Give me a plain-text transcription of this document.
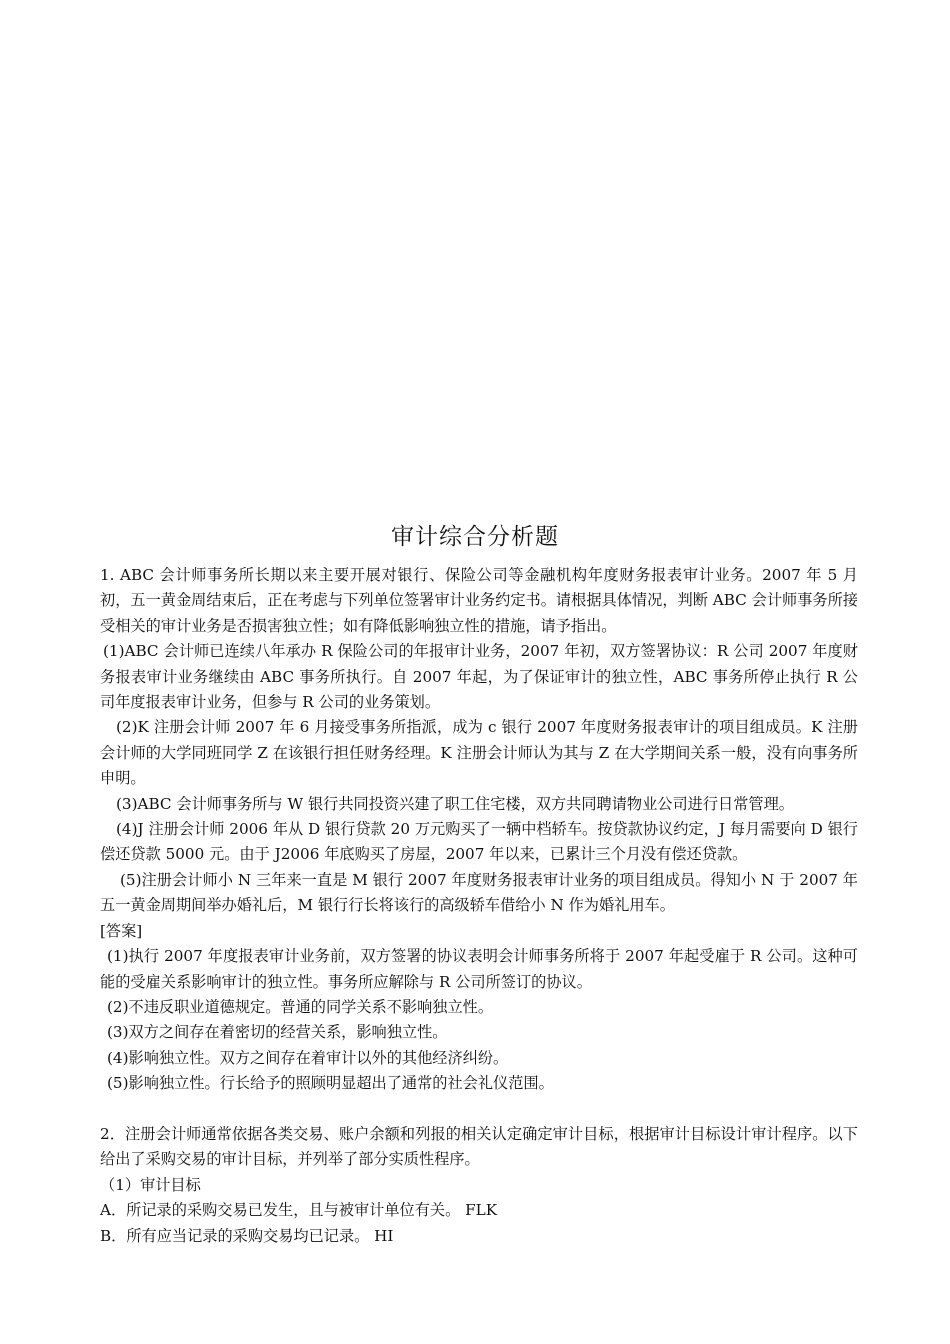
审计综合分析题

1. ABC 会计师事务所长期以来主要开展对银行、保险公司等金融机构年度财务报表审计业务。2007 年 5 月初，五一黄金周结束后，正在考虑与下列单位签署审计业务约定书。请根据具体情况，判断 ABC 会计师事务所接受相关的审计业务是否损害独立性；如有降低影响独立性的措施，请予指出。

(1)ABC 会计师已连续八年承办 R 保险公司的年报审计业务，2007 年初，双方签署协议：R 公司 2007 年度财务报表审计业务继续由 ABC 事务所执行。自 2007 年起，为了保证审计的独立性，ABC 事务所停止执行 R 公司年度报表审计业务，但参与 R 公司的业务策划。

(2)K 注册会计师 2007 年 6 月接受事务所指派，成为 c 银行 2007 年度财务报表审计的项目组成员。K 注册会计师的大学同班同学 Z 在该银行担任财务经理。K 注册会计师认为其与 Z 在大学期间关系一般，没有向事务所申明。

(3)ABC 会计师事务所与 W 银行共同投资兴建了职工住宅楼，双方共同聘请物业公司进行日常管理。

(4)J 注册会计师 2006 年从 D 银行贷款 20 万元购买了一辆中档轿车。按贷款协议约定，J 每月需要向 D 银行偿还贷款 5000 元。由于 J2006 年底购买了房屋，2007 年以来，已累计三个月没有偿还贷款。

(5)注册会计师小 N 三年来一直是 M 银行 2007 年度财务报表审计业务的项目组成员。得知小 N 于 2007 年五一黄金周期间举办婚礼后，M 银行行长将该行的高级轿车借给小 N 作为婚礼用车。

[答案]

(1)执行 2007 年度报表审计业务前，双方签署的协议表明会计师事务所将于 2007 年起受雇于 R 公司。这种可能的受雇关系影响审计的独立性。事务所应解除与 R 公司所签订的协议。

(2)不违反职业道德规定。普通的同学关系不影响独立性。

(3)双方之间存在着密切的经营关系，影响独立性。

(4)影响独立性。双方之间存在着审计以外的其他经济纠纷。

(5)影响独立性。行长给予的照顾明显超出了通常的社会礼仪范围。

2．注册会计师通常依据各类交易、账户余额和列报的相关认定确定审计目标，根据审计目标设计审计程序。以下给出了采购交易的审计目标，并列举了部分实质性程序。

（1）审计目标

A．所记录的采购交易已发生，且与被审计单位有关。 FLK

B．所有应当记录的采购交易均已记录。 HI
